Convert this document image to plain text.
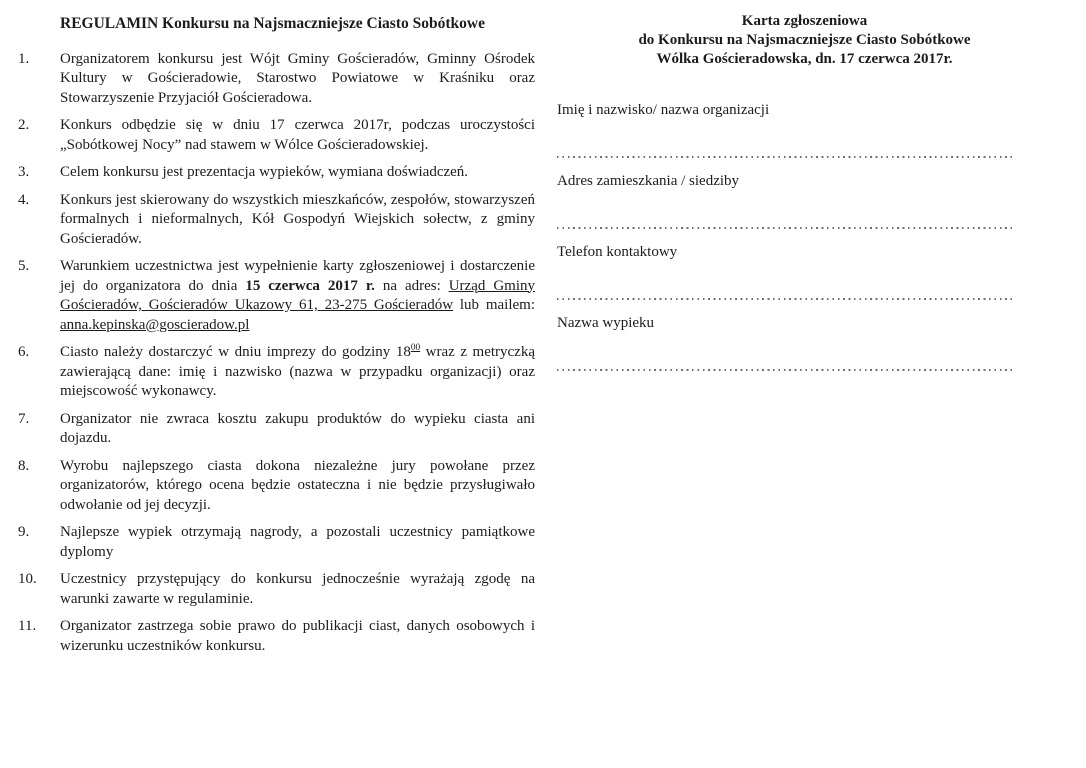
REGULAMIN Konkursu na Najsmaczniejsze Ciasto Sobótkowe
1.	Organizatorem konkursu jest Wójt Gminy Gościeradów, Gminny Ośrodek Kultury w Gościeradowie, Starostwo Powiatowe w Kraśniku oraz Stowarzyszenie Przyjaciół Gościeradowa.
2.	Konkurs odbędzie się w dniu 17 czerwca 2017r, podczas uroczystości „Sobótkowej Nocy” nad stawem w Wólce Gościeradowskiej.
3.	Celem konkursu jest prezentacja wypieków, wymiana doświadczeń.
4.	Konkurs jest skierowany do wszystkich mieszkańców, zespołów, stowarzyszeń formalnych i nieformalnych, Kół Gospodyń Wiejskich sołectw, z gminy Gościeradów.
5.	Warunkiem uczestnictwa jest wypełnienie karty zgłoszeniowej i dostarczenie jej do organizatora do dnia 15 czerwca 2017 r. na adres: Urząd Gminy Gościeradów, Gościeradów Ukazowy 61, 23-275 Gościeradów lub mailem: anna.kepinska@goscieradow.pl
6.	Ciasto należy dostarczyć w dniu imprezy do godziny $18^{00}$ wraz z metryczką zawierającą dane: imię i nazwisko (nazwa w przypadku organizacji) oraz miejscowość wykonawcy.
7.	Organizator nie zwraca kosztu zakupu produktów do wypieku ciasta ani dojazdu.
8.	Wyrobu najlepszego ciasta dokona niezależne jury powołane przez organizatorów, którego ocena będzie ostateczna i nie będzie przysługiwało odwołanie od jej decyzji.
9.	Najlepsze wypiek otrzymają nagrody, a pozostali uczestnicy pamiątkowe dyplomy
10.	Uczestnicy przystępujący do konkursu jednocześnie wyrażają zgodę na warunki zawarte w regulaminie.
11.	Organizator zastrzega sobie prawo do publikacji ciast, danych osobowych i wizerunku uczestników konkursu.
Karta zgłoszeniowa
do Konkursu na Najsmaczniejsze Ciasto Sobótkowe
Wólka Gościeradowska, dn. 17 czerwca 2017r.
Imię i nazwisko/ nazwa organizacji
Adres zamieszkania / siedziby
Telefon kontaktowy
Nazwa wypieku
